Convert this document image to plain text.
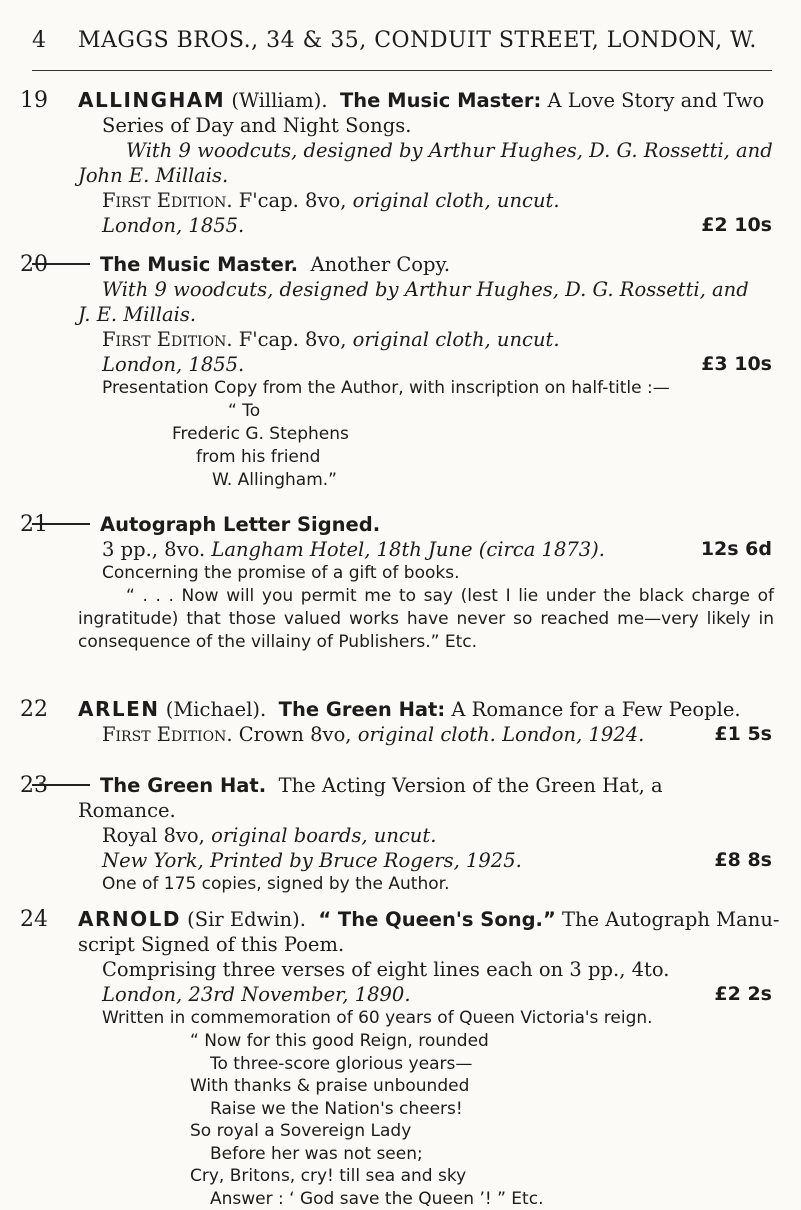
4 MAGGS BROS., 34 & 35, CONDUIT STREET, LONDON, W.
19 ALLINGHAM (William). The Music Master: A Love Story and Two
Series of Day and Night Songs.
With 9 woodcuts, designed by Arthur Hughes, D. G. Rossetti, and
John E. Millais.
First Edition. F'cap. 8vo, original cloth, uncut.
London, 1855.	£2 10s
20	The Music Master. Another Copy.
With 9 woodcuts, designed by Arthur Hughes, D. G. Rossetti, and
J. E. Millais.
First Edition. F'cap. 8vo, original cloth, uncut.
London, 1855.	£3 10s
Presentation Copy from the Author, with inscription on half-title :—
“ To
Frederic G. Stephens
from his friend
W. Allingham.”
21	Autograph Letter Signed.
3 pp., 8vo. Langham Hotel, 18th June (circa 1873).	12s 6d
Concerning the promise of a gift of books.
“ . . . Now will you permit me to say (lest I lie under the black charge of ingratitude) that those valued works have never so reached me—very likely in consequence of the villainy of Publishers.” Etc.
22 ARLEN (Michael). The Green Hat: A Romance for a Few People.
First Edition. Crown 8vo, original cloth. London, 1924.	£1 5s
23	The Green Hat. The Acting Version of the Green Hat, a
Romance.
Royal 8vo, original boards, uncut.
New York, Printed by Bruce Rogers, 1925.	£8 8s
One of 175 copies, signed by the Author.
24 ARNOLD (Sir Edwin). “ The Queen's Song.” The Autograph Manu-
script Signed of this Poem.
Comprising three verses of eight lines each on 3 pp., 4to.
London, 23rd November, 1890.	£2 2s
Written in commemoration of 60 years of Queen Victoria's reign.
“ Now for this good Reign, rounded
To three-score glorious years—
With thanks & praise unbounded
Raise we the Nation's cheers!
So royal a Sovereign Lady
Before her was not seen;
Cry, Britons, cry! till sea and sky
Answer : ‘ God save the Queen ’! ” Etc.
